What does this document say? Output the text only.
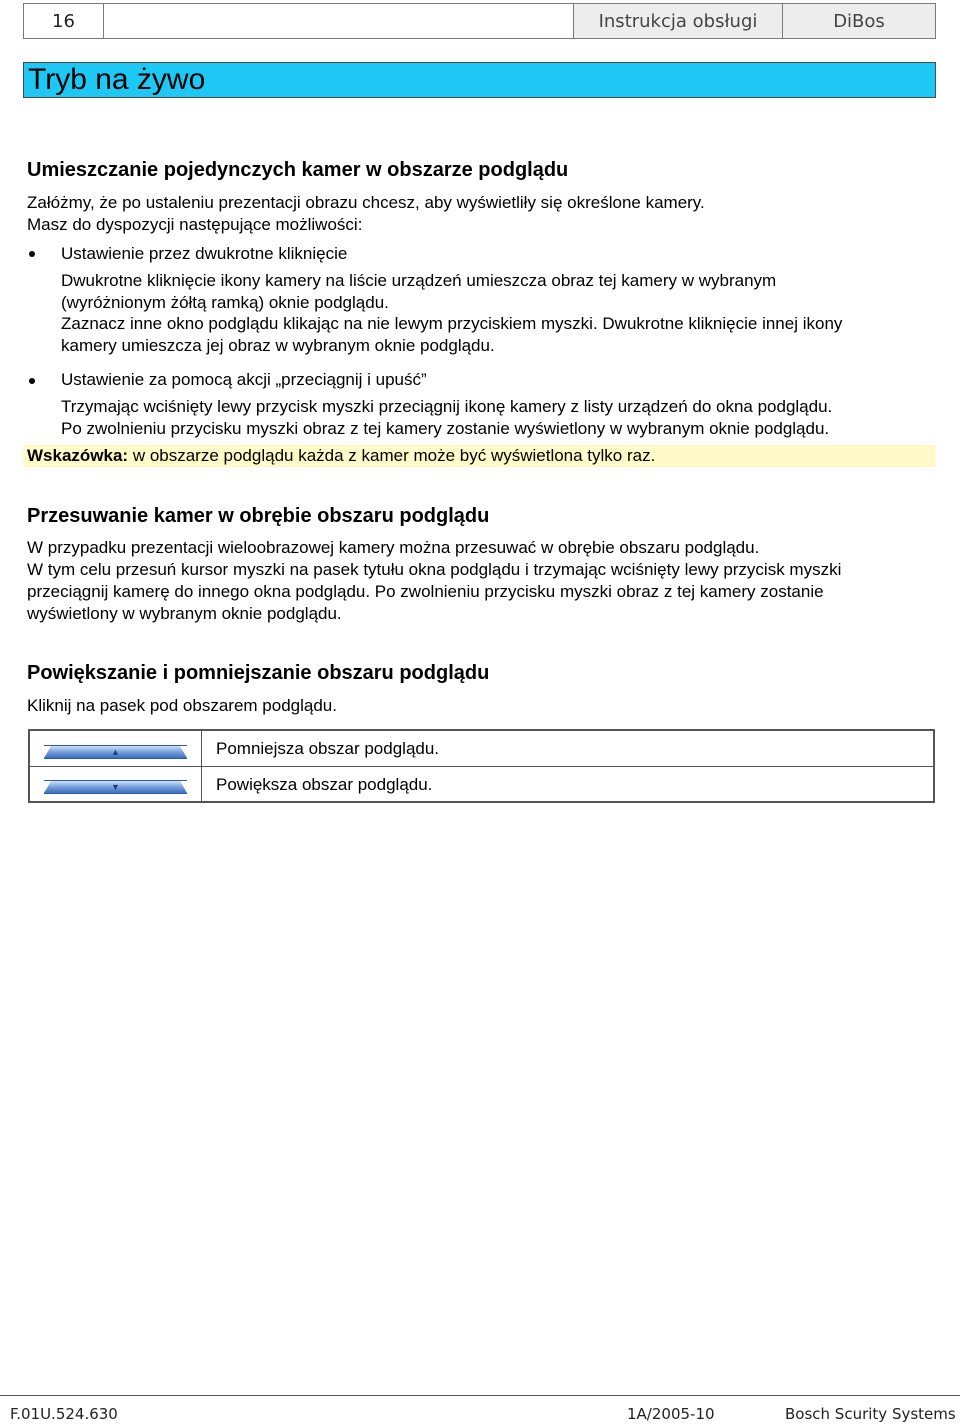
16	Instrukcja obsługi	DiBos
Tryb na żywo
Umieszczanie pojedynczych kamer w obszarze podglądu
Załóżmy, że po ustaleniu prezentacji obrazu chcesz, aby wyświetliły się określone kamery.
Masz do dyspozycji następujące możliwości:
Ustawienie przez dwukrotne kliknięcie
Dwukrotne kliknięcie ikony kamery na liście urządzeń umieszcza obraz tej kamery w wybranym
(wyróżnionym żółtą ramką) oknie podglądu.
Zaznacz inne okno podglądu klikając na nie lewym przyciskiem myszki. Dwukrotne kliknięcie innej ikony
kamery umieszcza jej obraz w wybranym oknie podglądu.
Ustawienie za pomocą akcji „przeciągnij i upuść”
Trzymając wciśnięty lewy przycisk myszki przeciągnij ikonę kamery z listy urządzeń do okna podglądu.
Po zwolnieniu przycisku myszki obraz z tej kamery zostanie wyświetlony w wybranym oknie podglądu.
Wskazówka: w obszarze podglądu każda z kamer może być wyświetlona tylko raz.
Przesuwanie kamer w obrębie obszaru podglądu
W przypadku prezentacji wieloobrazowej kamery można przesuwać w obrębie obszaru podglądu.
W tym celu przesuń kursor myszki na pasek tytułu okna podglądu i trzymając wciśnięty lewy przycisk myszki
przeciągnij kamerę do innego okna podglądu. Po zwolnieniu przycisku myszki obraz z tej kamery zostanie
wyświetlony w wybranym oknie podglądu.
Powiększanie i pomniejszanie obszaru podglądu
Kliknij na pasek pod obszarem podglądu.
▲	Pomniejsza obszar podglądu.
▼	Powiększa obszar podglądu.
F.01U.524.630	1A/2005-10	Bosch Scurity Systems
